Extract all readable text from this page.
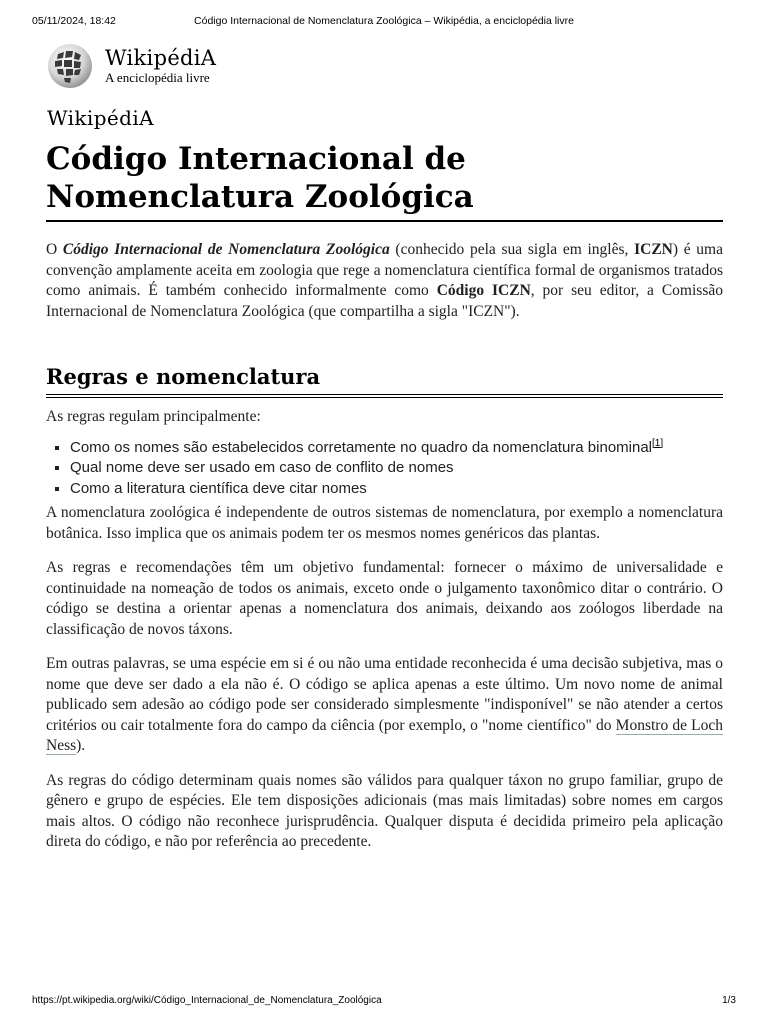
05/11/2024, 18:42	Código Internacional de Nomenclatura Zoológica – Wikipédia, a enciclopédia livre
WikipédiA
A enciclopédia livre
WikipédiA
Código Internacional de Nomenclatura Zoológica

O Código Internacional de Nomenclatura Zoológica (conhecido pela sua sigla em inglês, ICZN) é uma convenção amplamente aceita em zoologia que rege a nomenclatura científica formal de organismos tratados como animais. É também conhecido informalmente como Código ICZN, por seu editor, a Comissão Internacional de Nomenclatura Zoológica (que compartilha a sigla "ICZN").

Regras e nomenclatura

As regras regulam principalmente:

▪ Como os nomes são estabelecidos corretamente no quadro da nomenclatura binominal[1]
▪ Qual nome deve ser usado em caso de conflito de nomes
▪ Como a literatura científica deve citar nomes

A nomenclatura zoológica é independente de outros sistemas de nomenclatura, por exemplo a nomenclatura botânica. Isso implica que os animais podem ter os mesmos nomes genéricos das plantas.

As regras e recomendações têm um objetivo fundamental: fornecer o máximo de universalidade e continuidade na nomeação de todos os animais, exceto onde o julgamento taxonômico ditar o contrário. O código se destina a orientar apenas a nomenclatura dos animais, deixando aos zoólogos liberdade na classificação de novos táxons.

Em outras palavras, se uma espécie em si é ou não uma entidade reconhecida é uma decisão subjetiva, mas o nome que deve ser dado a ela não é. O código se aplica apenas a este último. Um novo nome de animal publicado sem adesão ao código pode ser considerado simplesmente "indisponível" se não atender a certos critérios ou cair totalmente fora do campo da ciência (por exemplo, o "nome científico" do Monstro de Loch Ness).

As regras do código determinam quais nomes são válidos para qualquer táxon no grupo familiar, grupo de gênero e grupo de espécies. Ele tem disposições adicionais (mas mais limitadas) sobre nomes em cargos mais altos. O código não reconhece jurisprudência. Qualquer disputa é decidida primeiro pela aplicação direta do código, e não por referência ao precedente.

https://pt.wikipedia.org/wiki/Código_Internacional_de_Nomenclatura_Zoológica	1/3
